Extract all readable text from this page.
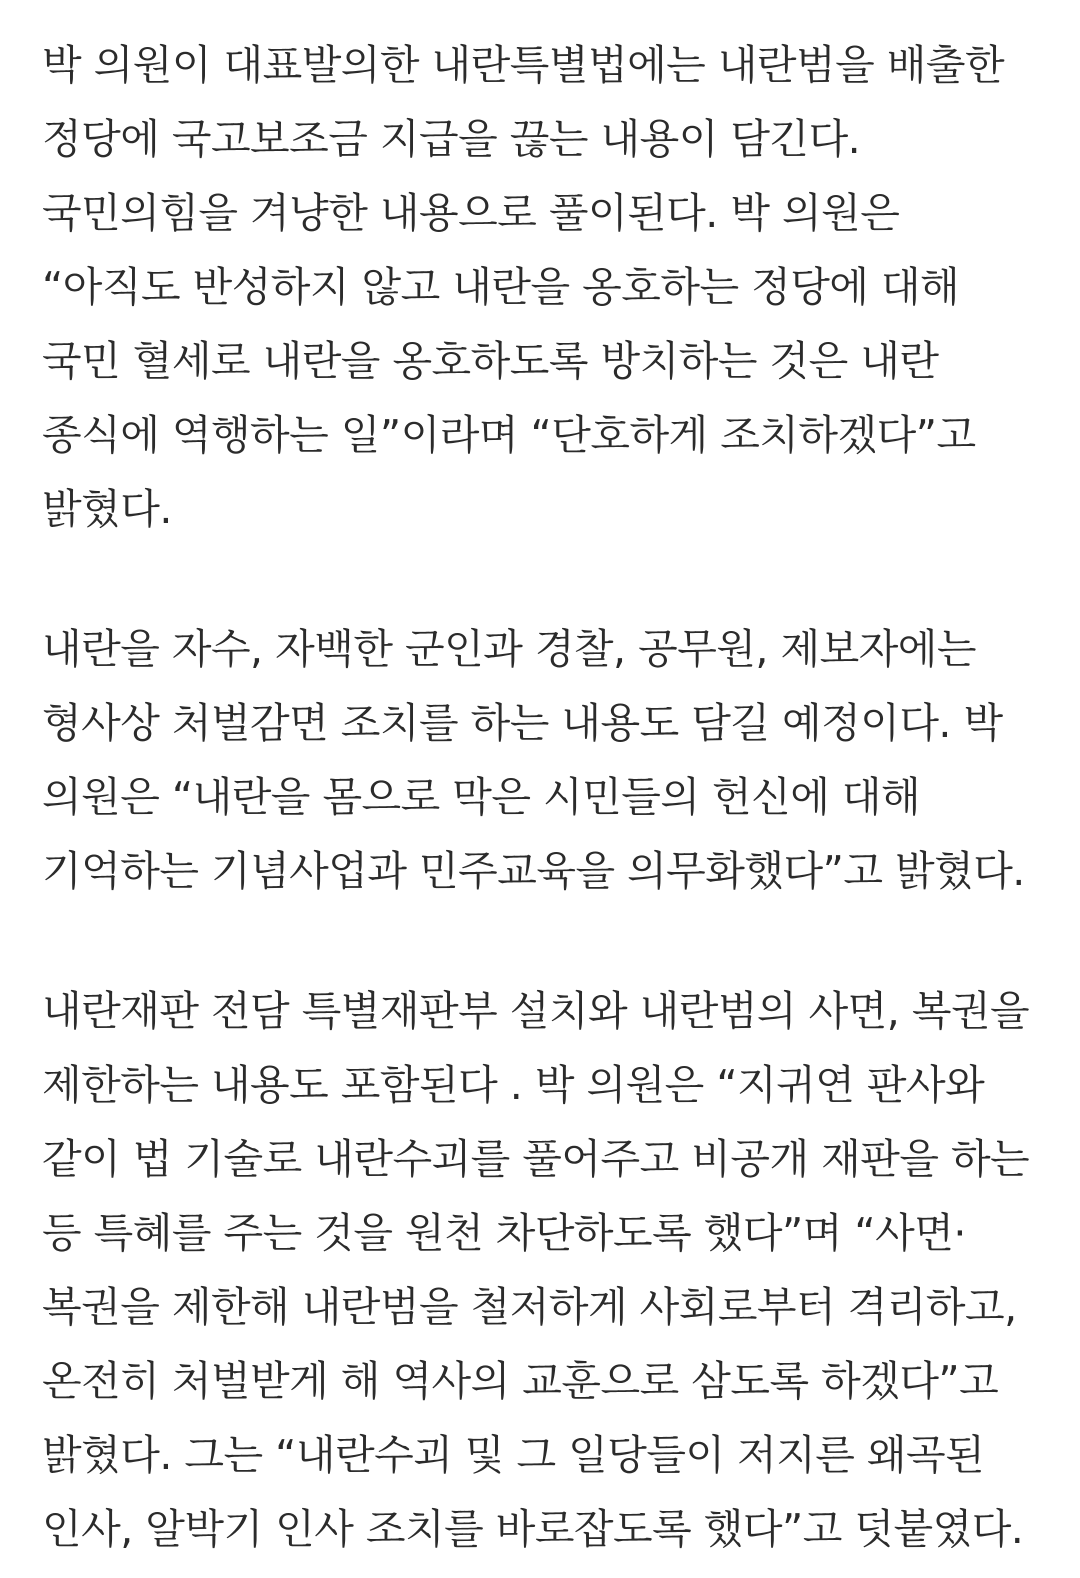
박 의원이 대표발의한 내란특별법에는 내란범을 배출한 정당에 국고보조금 지급을 끊는 내용이 담긴다. 국민의힘을 겨냥한 내용으로 풀이된다. 박 의원은 “아직도 반성하지 않고 내란을 옹호하는 정당에 대해 국민 혈세로 내란을 옹호하도록 방치하는 것은 내란 종식에 역행하는 일”이라며 “단호하게 조치하겠다”고 밝혔다.

내란을 자수, 자백한 군인과 경찰, 공무원, 제보자에는 형사상 처벌감면 조치를 하는 내용도 담길 예정이다. 박 의원은 “내란을 몸으로 막은 시민들의 헌신에 대해 기억하는 기념사업과 민주교육을 의무화했다”고 밝혔다.

내란재판 전담 특별재판부 설치와 내란범의 사면, 복권을 제한하는 내용도 포함된다 . 박 의원은 “지귀연 판사와 같이 법 기술로 내란수괴를 풀어주고 비공개 재판을 하는 등 특혜를 주는 것을 원천 차단하도록 했다”며 “사면·복권을 제한해 내란범을 철저하게 사회로부터 격리하고, 온전히 처벌받게 해 역사의 교훈으로 삼도록 하겠다”고 밝혔다. 그는 “내란수괴 및 그 일당들이 저지른 왜곡된 인사, 알박기 인사 조치를 바로잡도록 했다”고 덧붙였다.
